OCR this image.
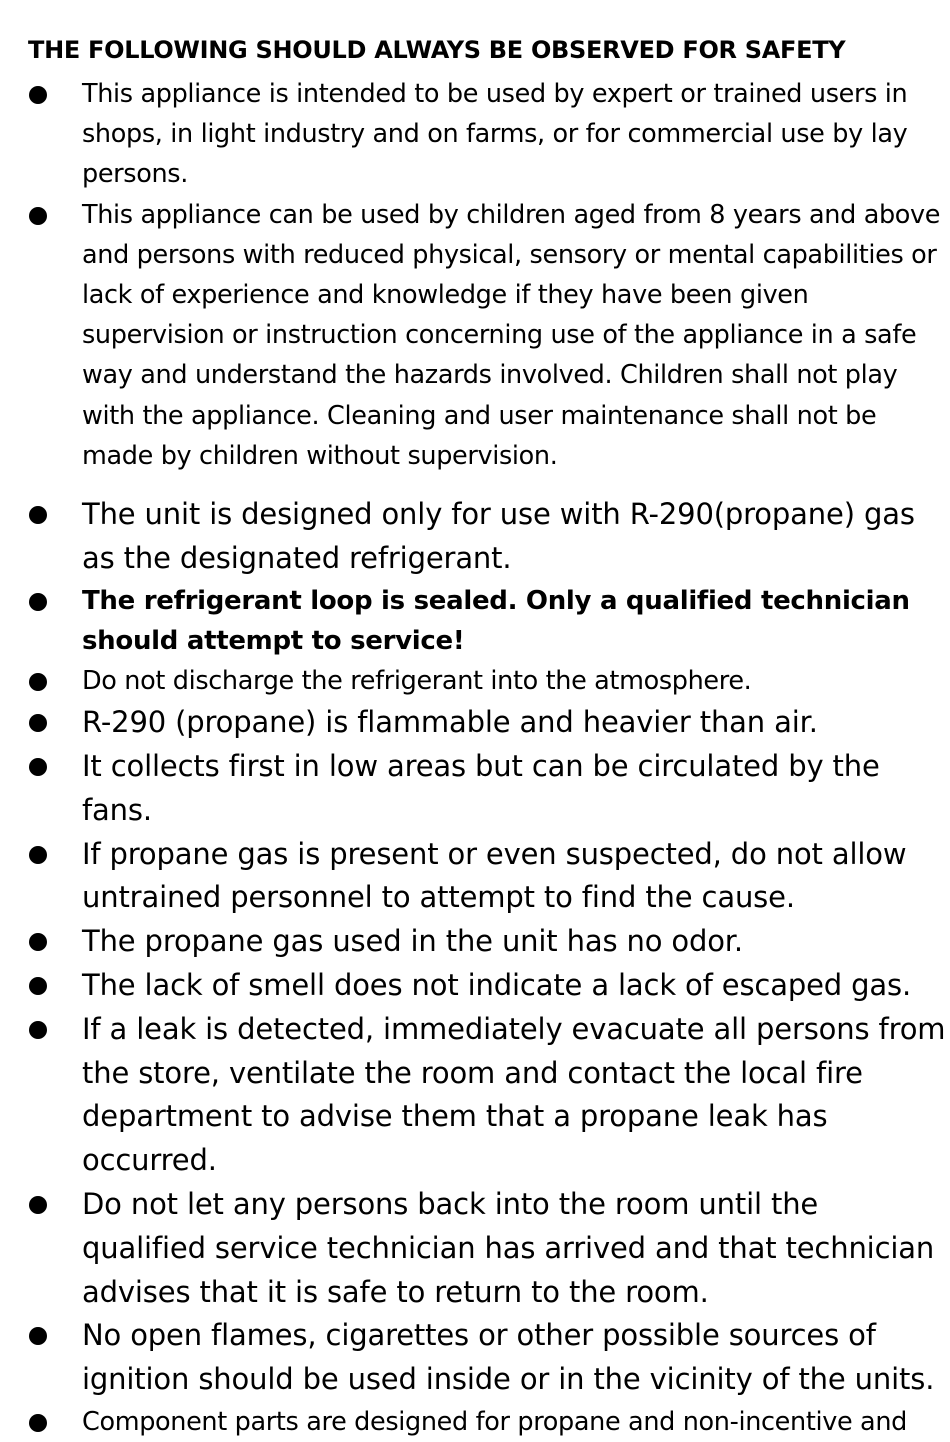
THE FOLLOWING SHOULD ALWAYS BE OBSERVED FOR SAFETY
This appliance is intended to be used by expert or trained users in shops, in light industry and on farms, or for commercial use by lay persons.
This appliance can be used by children aged from 8 years and above and persons with reduced physical, sensory or mental capabilities or lack of experience and knowledge if they have been given supervision or instruction concerning use of the appliance in a safe way and understand the hazards involved. Children shall not play with the appliance. Cleaning and user maintenance shall not be made by children without supervision.
The unit is designed only for use with R-290(propane) gas as the designated refrigerant.
The refrigerant loop is sealed. Only a qualified technician should attempt to service!
Do not discharge the refrigerant into the atmosphere.
R-290 (propane) is flammable and heavier than air.
It collects first in low areas but can be circulated by the fans.
If propane gas is present or even suspected, do not allow untrained personnel to attempt to find the cause.
The propane gas used in the unit has no odor.
The lack of smell does not indicate a lack of escaped gas.
If a leak is detected, immediately evacuate all persons from the store, ventilate the room and contact the local fire department to advise them that a propane leak has occurred.
Do not let any persons back into the room until the qualified service technician has arrived and that technician advises that it is safe to return to the room.
No open flames, cigarettes or other possible sources of ignition should be used inside or in the vicinity of the units.
Component parts are designed for propane and non-incentive and
